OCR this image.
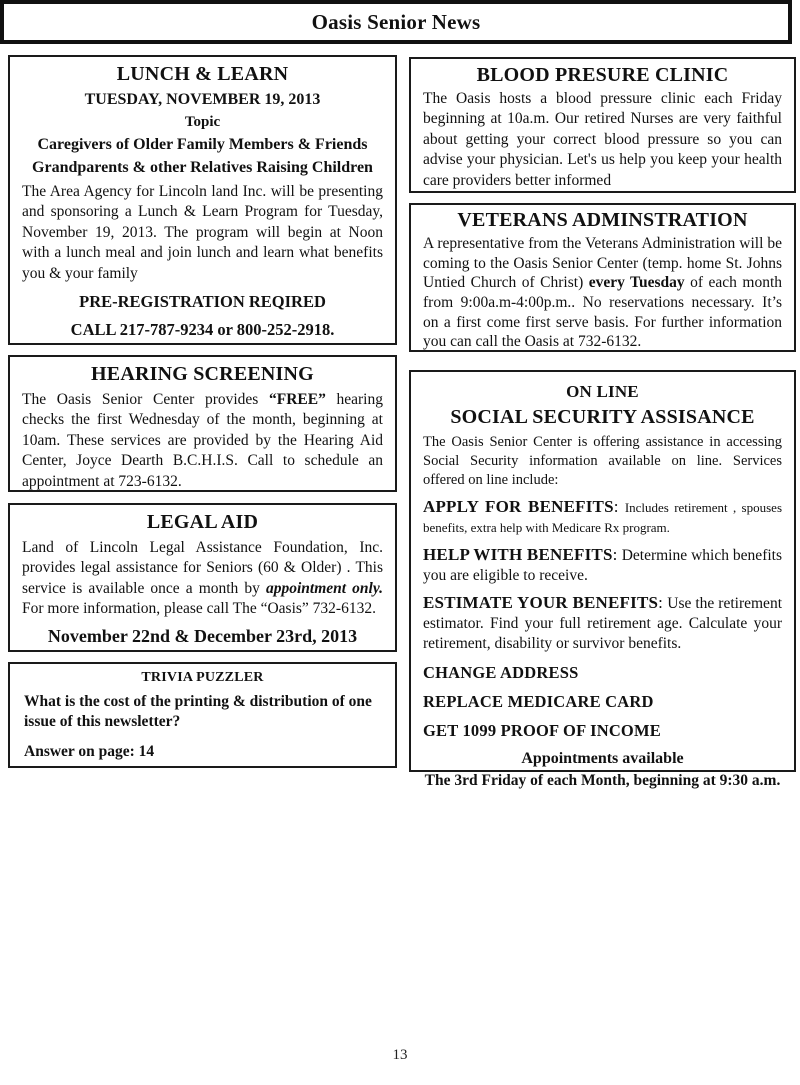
Oasis Senior News
LUNCH & LEARN
TUESDAY, NOVEMBER 19, 2013
Topic
Caregivers of Older Family Members & Friends
Grandparents & other Relatives Raising Children

The Area Agency for Lincoln land Inc. will be presenting and sponsoring a Lunch & Learn Program for Tuesday, November 19, 2013. The program will begin at Noon with a lunch meal and join lunch and learn what benefits you & your family

PRE-REGISTRATION REQIRED
CALL 217-787-9234 or 800-252-2918.
HEARING SCREENING

The Oasis Senior Center provides “FREE” hearing checks the first Wednesday of the month, beginning at 10am. These services are provided by the Hearing Aid Center, Joyce Dearth B.C.H.I.S. Call to schedule an appointment at 723-6132.

LEGAL AID

Land of Lincoln Legal Assistance Foundation, Inc. provides legal assistance for Seniors (60 & Older) . This service is available once a month by appointment only. For more information, please call The “Oasis” 732-6132.

November 22nd & December 23rd, 2013
TRIVIA PUZZLER
What is the cost of the printing & distribution of one issue of this newsletter?
Answer on page: 14
BLOOD PRESURE CLINIC

The Oasis hosts a blood pressure clinic each Friday beginning at 10a.m. Our retired Nurses are very faithful about getting your correct blood pressure so you can advise your physician. Let's us help you keep your health care providers better informed

VETERANS ADMINSTRATION

A representative from the Veterans Administration will be coming to the Oasis Senior Center (temp. home St. Johns Untied Church of Christ) every Tuesday of each month from 9:00a.m-4:00p.m.. No reservations necessary. It’s on a first come first serve basis. For further information you can call the Oasis at 732-6132.

ON LINE
SOCIAL SECURITY ASSISANCE

The Oasis Senior Center is offering assistance in accessing Social Security information available on line. Services offered on line include:

APPLY FOR BENEFITS: Includes retirement , spouses benefits, extra help with Medicare Rx program.

HELP WITH BENEFITS: Determine which benefits you are eligible to receive.

ESTIMATE YOUR BENEFITS: Use the retirement estimator. Find your full retirement age. Calculate your retirement, disability or survivor benefits.

CHANGE ADDRESS
REPLACE MEDICARE CARD
GET 1099 PROOF OF INCOME
Appointments available
The 3rd Friday of each Month, beginning at 9:30 a.m.
13
